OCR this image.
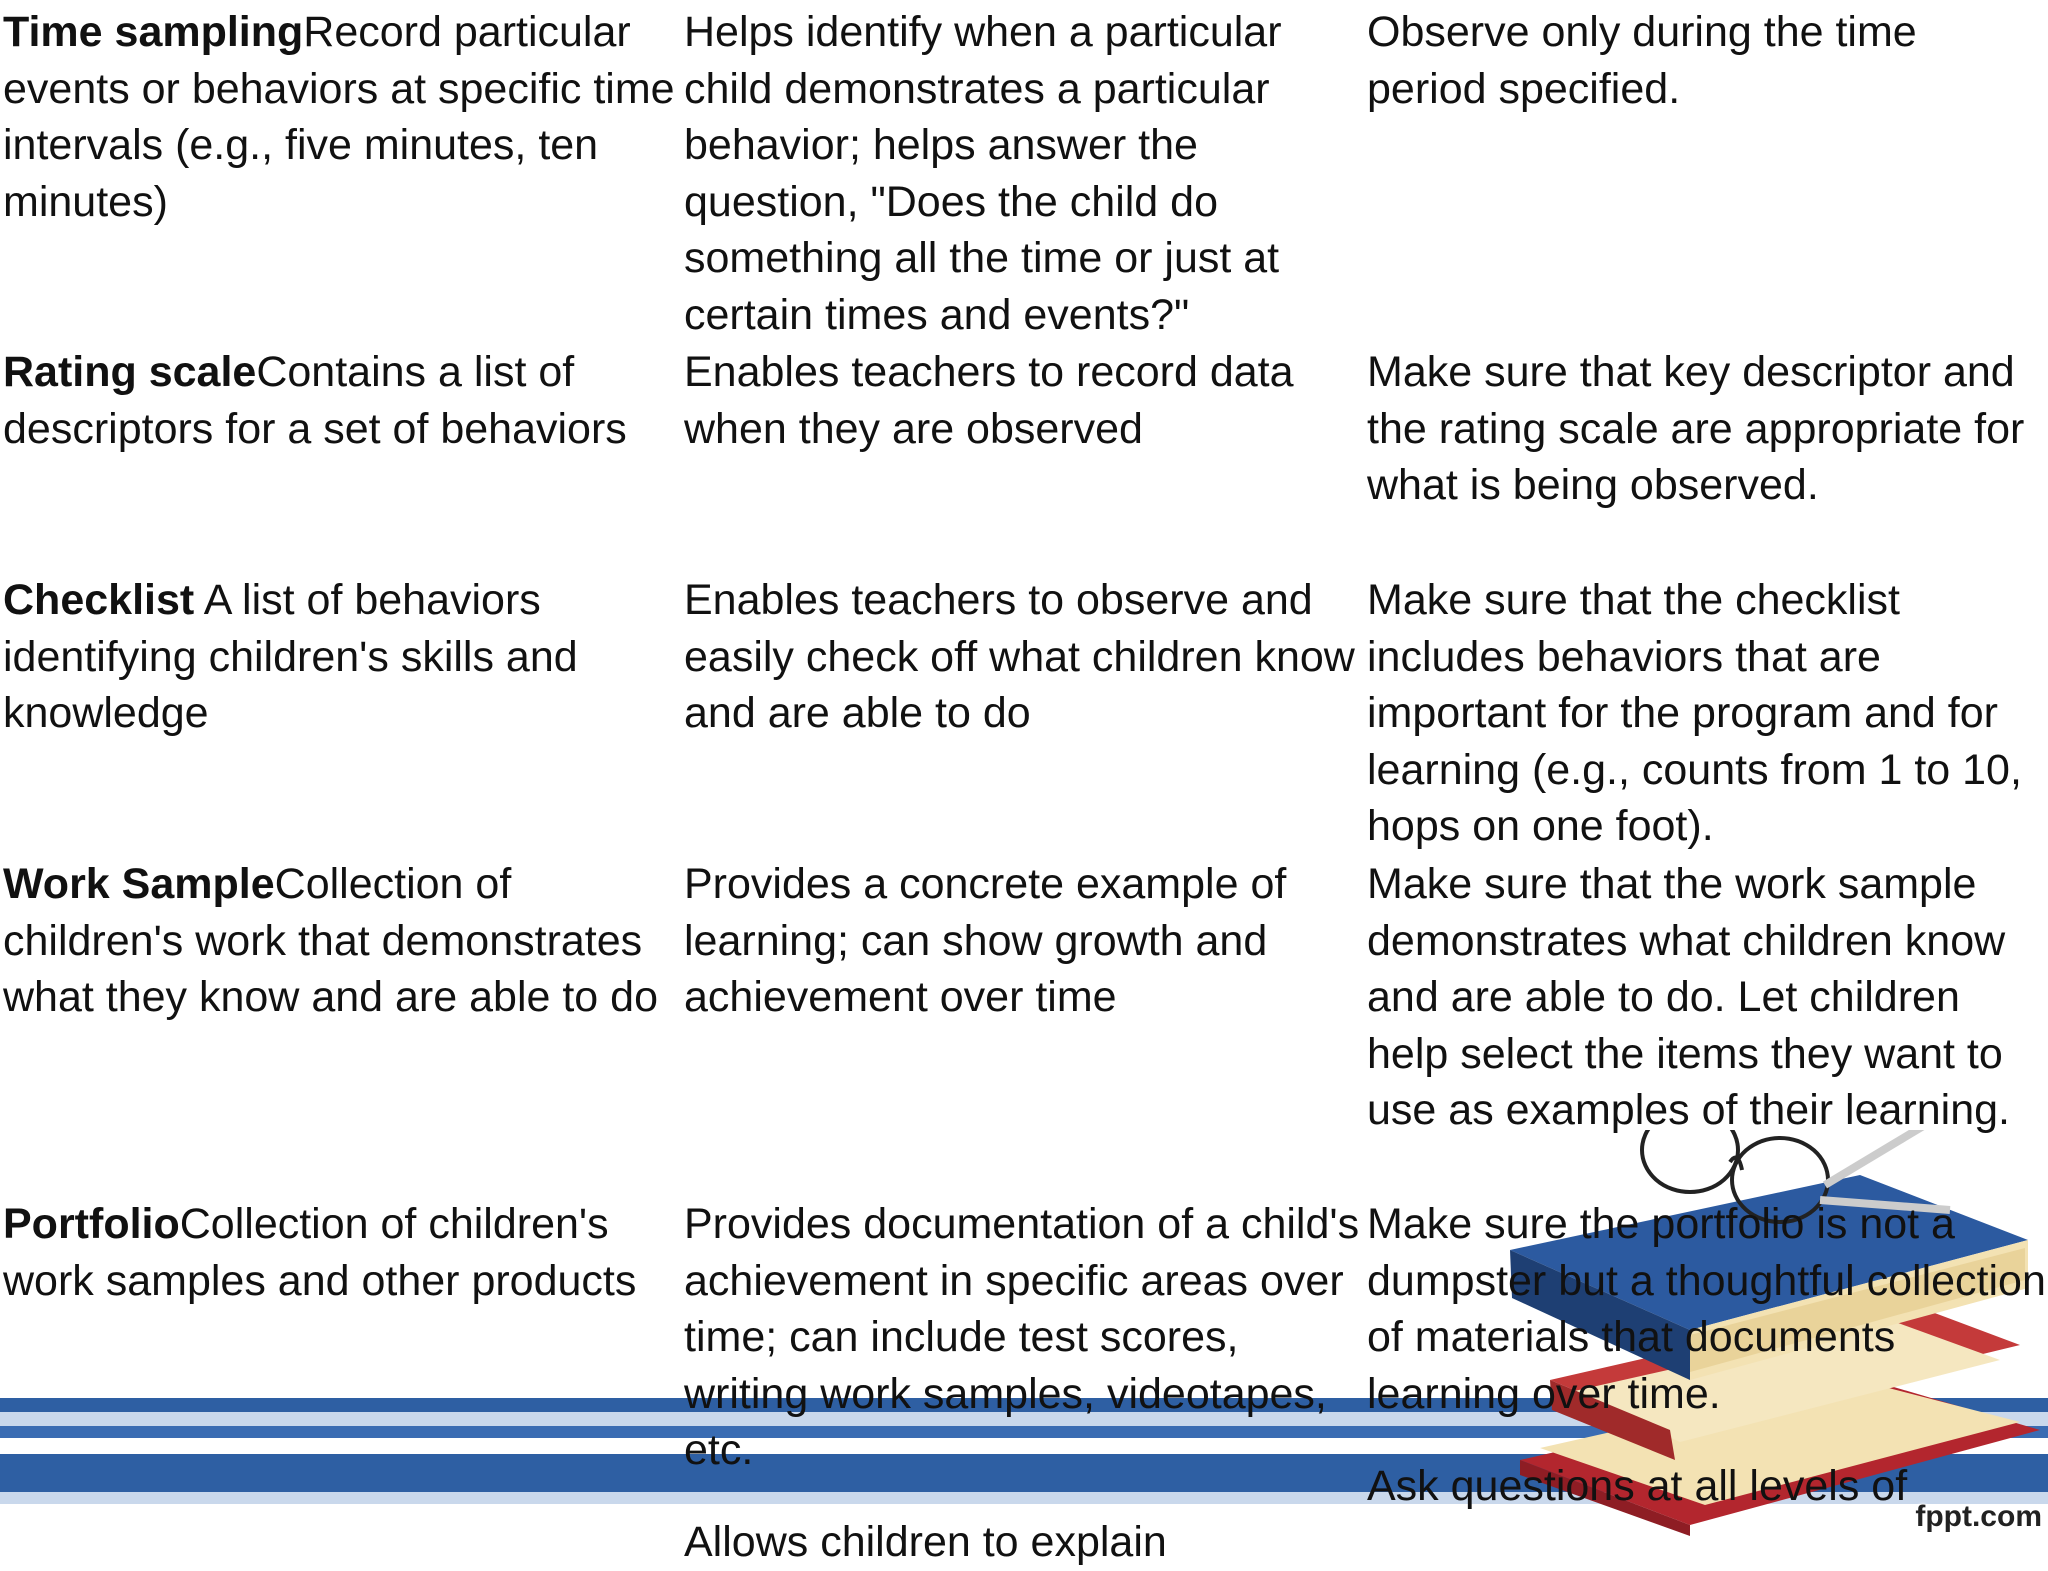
fppt.com
Time samplingRecord particular events or behaviors at specific time intervals (e.g., five minutes, ten minutes)
Helps identify when a particular child demonstrates a particular behavior; helps answer the question, "Does the child do something all the time or just at certain times and events?"
Observe only during the time period specified.
Rating scaleContains a list of descriptors for a set of behaviors
Enables teachers to record data when they are observed
Make sure that key descriptor and the rating scale are appropriate for what is being observed.
Checklist A list of behaviors identifying children's skills and knowledge
Enables teachers to observe and easily check off what children know and are able to do
Make sure that the checklist includes behaviors that are important for the program and for learning (e.g., counts from 1 to 10, hops on one foot).
Work SampleCollection of children's work that demonstrates what they know and are able to do
Provides a concrete example of learning; can show growth and achievement over time
Make sure that the work sample demonstrates what children know and are able to do. Let children help select the items they want to use as examples of their learning.
PortfolioCollection of children's work samples and other products
Provides documentation of a child's achievement in specific areas over time; can include test scores, writing work samples, videotapes, etc.
Make sure the portfolio is not a dumpster but a thoughtful collection of materials that documents learning over time.
Allows children to explain
Ask questions at all levels of
